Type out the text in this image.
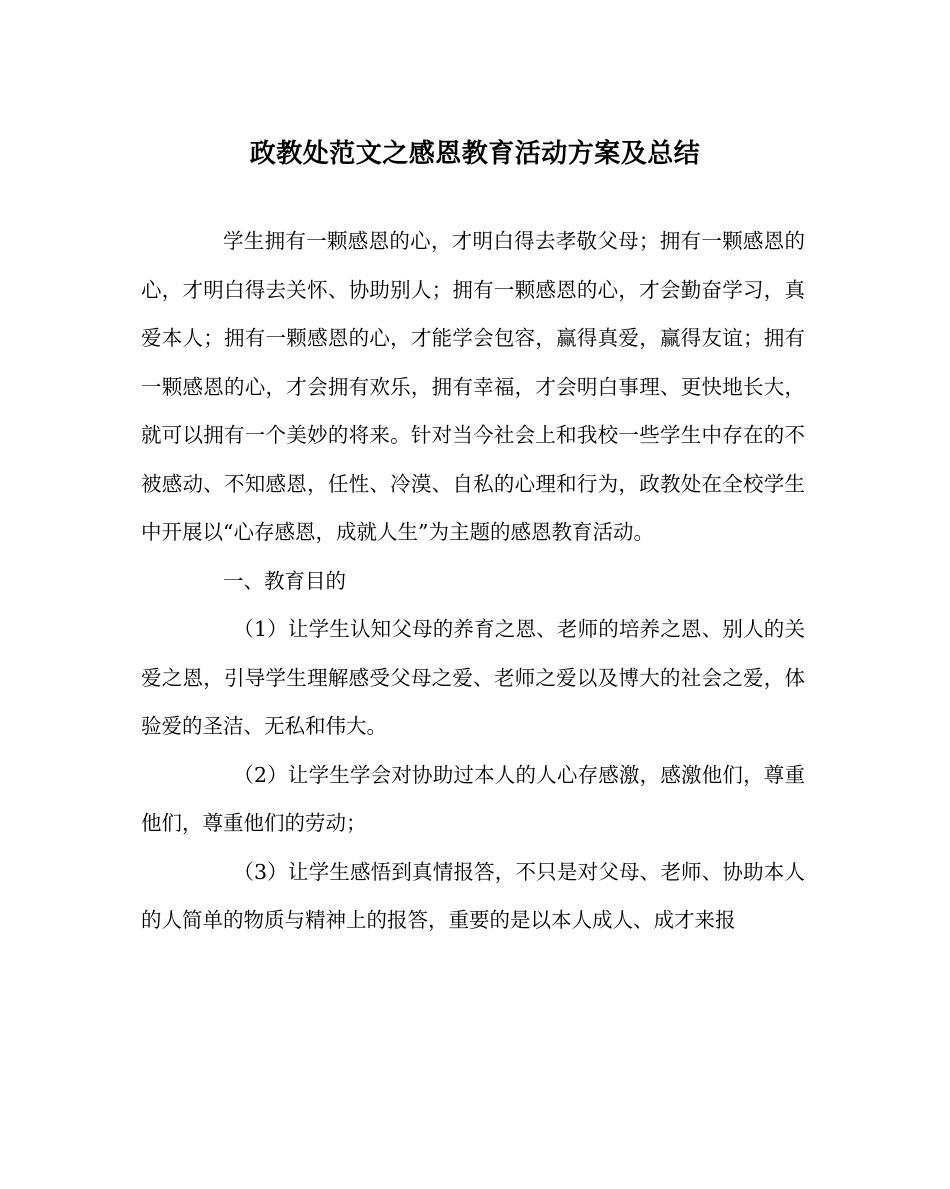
政教处范文之感恩教育活动方案及总结

学生拥有一颗感恩的心，才明白得去孝敬父母；拥有一颗感恩的心，才明白得去关怀、协助别人；拥有一颗感恩的心，才会勤奋学习，真爱本人；拥有一颗感恩的心，才能学会包容，赢得真爱，赢得友谊；拥有一颗感恩的心，才会拥有欢乐，拥有幸福，才会明白事理、更快地长大，就可以拥有一个美妙的将来。针对当今社会上和我校一些学生中存在的不被感动、不知感恩，任性、冷漠、自私的心理和行为，政教处在全校学生中开展以“心存感恩，成就人生”为主题的感恩教育活动。

一、教育目的

（1）让学生认知父母的养育之恩、老师的培养之恩、别人的关爱之恩，引导学生理解感受父母之爱、老师之爱以及博大的社会之爱，体验爱的圣洁、无私和伟大。

（2）让学生学会对协助过本人的人心存感激，感激他们，尊重他们，尊重他们的劳动；

（3）让学生感悟到真情报答，不只是对父母、老师、协助本人的人简单的物质与精神上的报答，重要的是以本人成人、成才来报
